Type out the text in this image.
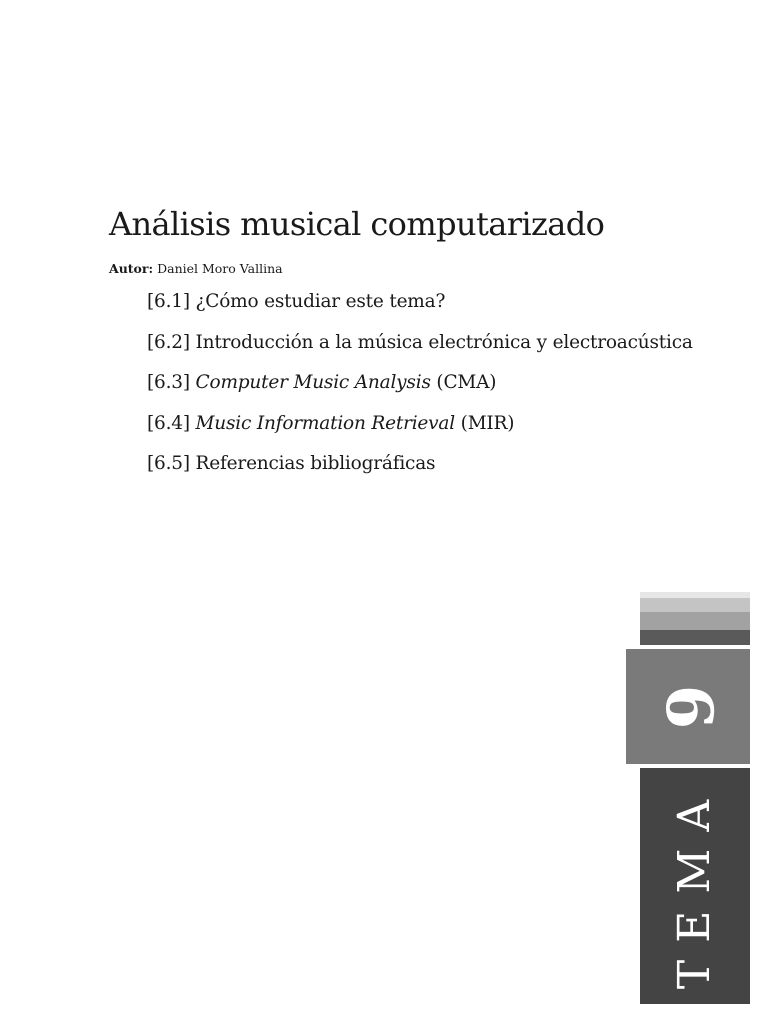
Análisis musical computarizado
Autor: Daniel Moro Vallina
[6.1] ¿Cómo estudiar este tema?
[6.2] Introducción a la música electrónica y electroacústica
[6.3] Computer Music Analysis (CMA)
[6.4] Music Information Retrieval (MIR)
[6.5] Referencias bibliográficas
6
TEMA
